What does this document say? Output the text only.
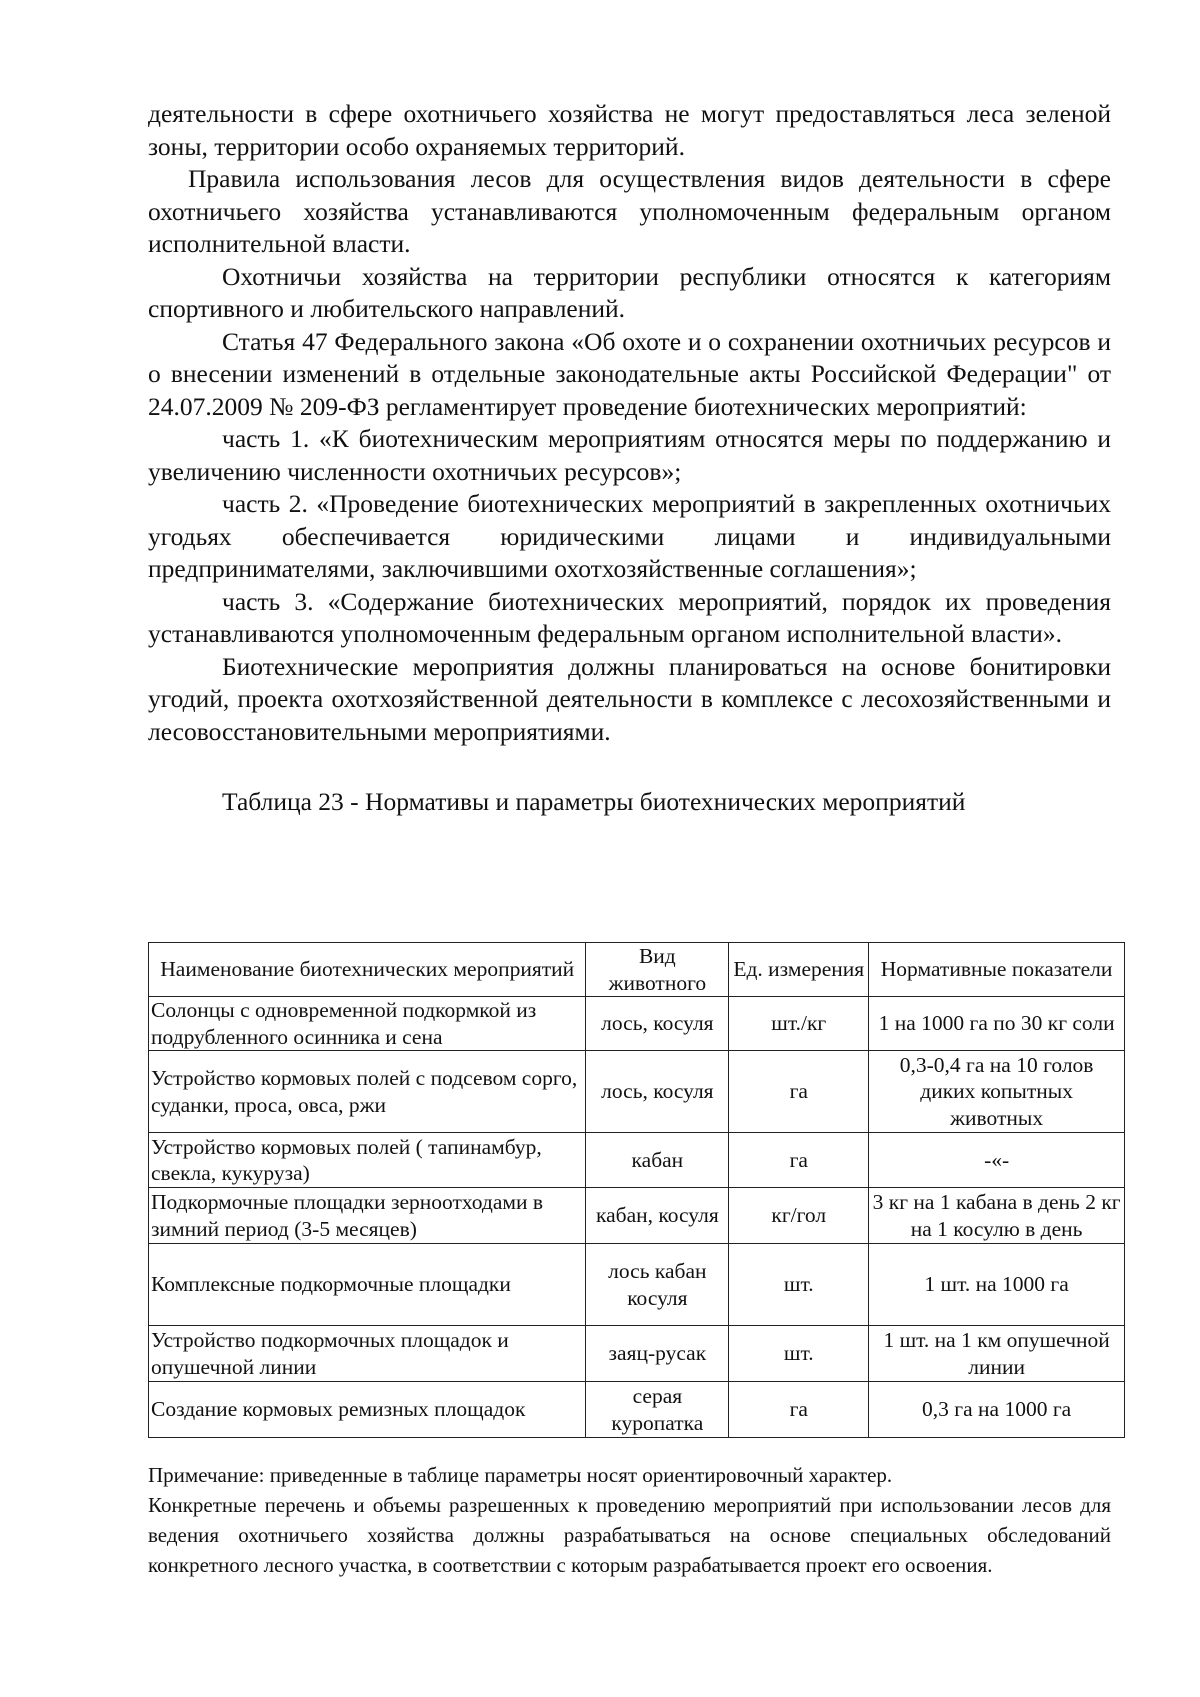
деятельности в сфере охотничьего хозяйства не могут предоставляться леса зеленой зоны, территории особо охраняемых территорий.

Правила использования лесов для осуществления видов деятельности в сфере охотничьего хозяйства устанавливаются уполномоченным федеральным органом исполнительной власти.

Охотничьи хозяйства на территории республики относятся к категориям спортивного и любительского направлений.

Статья 47 Федерального закона «Об охоте и о сохранении охотничьих ресурсов и о внесении изменений в отдельные законодательные акты Российской Федерации" от 24.07.2009 № 209-ФЗ регламентирует проведение биотехнических мероприятий:

часть 1. «К биотехническим мероприятиям относятся меры по поддержанию и увеличению численности охотничьих ресурсов»;

часть 2. «Проведение биотехнических мероприятий в закрепленных охотничьих угодьях обеспечивается юридическими лицами и индивидуальными предпринимателями, заключившими охотхозяйственные соглашения»;

часть 3. «Содержание биотехнических мероприятий, порядок их проведения устанавливаются уполномоченным федеральным органом исполнительной власти».

Биотехнические мероприятия должны планироваться на основе бонитировки угодий, проекта охотхозяйственной деятельности в комплексе с лесохозяйственными и лесовосстановительными мероприятиями.

Таблица 23 - Нормативы и параметры биотехнических мероприятий
Наименование биотехнических мероприятий	Вид животного	Ед. измерения	Нормативные показатели
Солонцы с одновременной подкормкой из подрубленного осинника и сена	лось, косуля	шт./кг	1 на 1000 га по 30 кг соли
Устройство кормовых полей с подсевом сорго, суданки, проса, овса, ржи	лось, косуля	га	0,3-0,4 га на 10 голов диких копытных животных
Устройство кормовых полей ( тапинамбур, свекла, кукуруза)	кабан	га	-«-
Подкормочные площадки зерноотходами в зимний период (3-5 месяцев)	кабан, косуля	кг/гол	3 кг на 1 кабана в день 2 кг на 1 косулю в день
Комплексные подкормочные площадки	лось кабан косуля	шт.	1 шт. на 1000 га
Устройство подкормочных площадок и опушечной линии	заяц-русак	шт.	1 шт. на 1 км опушечной линии
Создание кормовых ремизных площадок	серая куропатка	га	0,3 га на 1000 га

Примечание: приведенные в таблице параметры носят ориентировочный характер.

Конкретные перечень и объемы разрешенных к проведению мероприятий при использовании лесов для ведения охотничьего хозяйства должны разрабатываться на основе специальных обследований конкретного лесного участка, в соответствии с которым разрабатывается проект его освоения.
